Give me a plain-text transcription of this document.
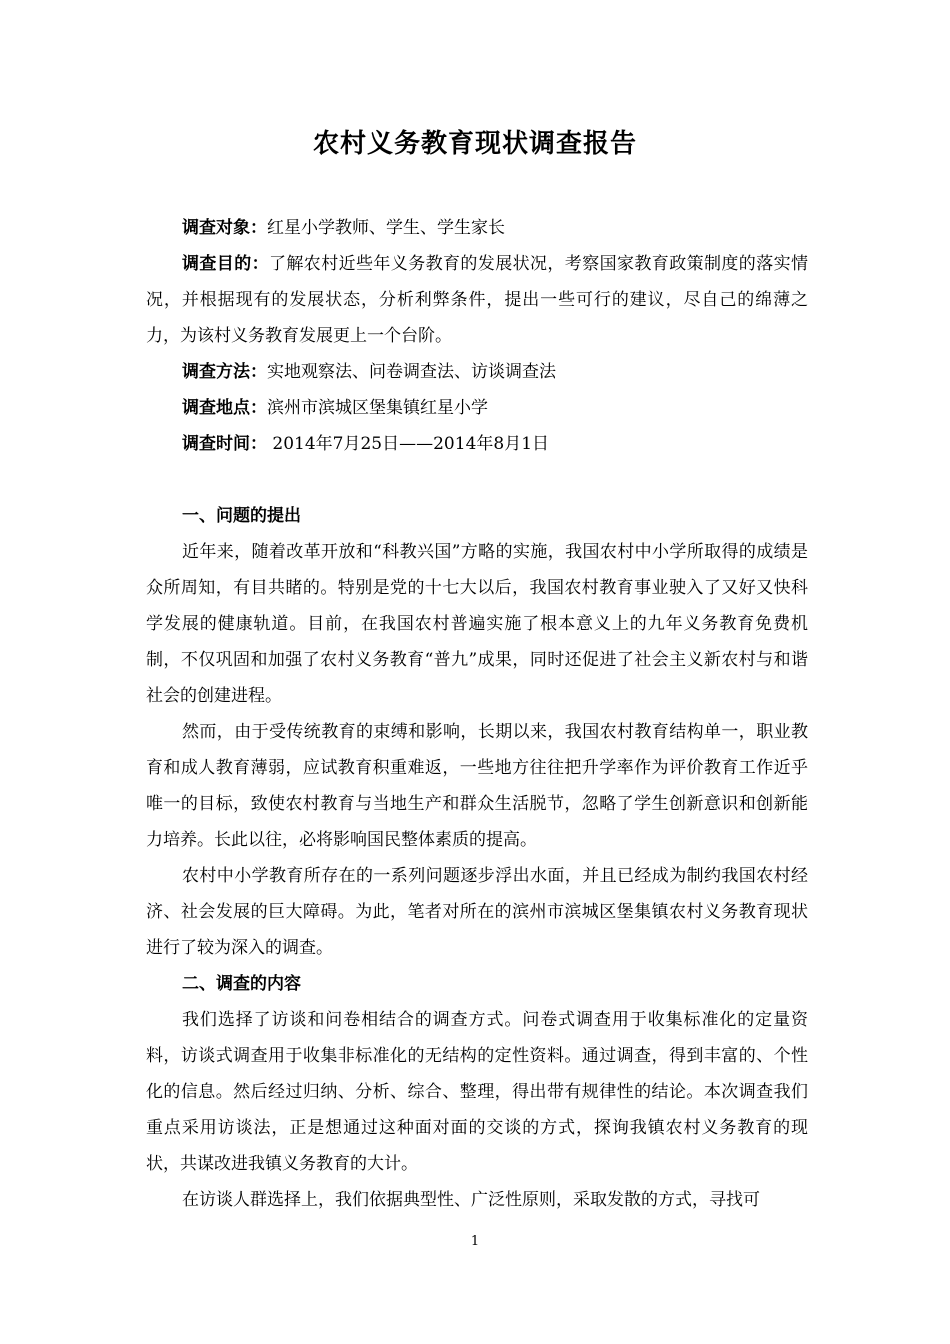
农村义务教育现状调查报告

调查对象：红星小学教师、学生、学生家长

调查目的：了解农村近些年义务教育的发展状况，考察国家教育政策制度的落实情况，并根据现有的发展状态，分析利弊条件，提出一些可行的建议，尽自己的绵薄之力，为该村义务教育发展更上一个台阶。

调查方法：实地观察法、问卷调查法、访谈调查法

调查地点：滨州市滨城区堡集镇红星小学

调查时间： 2014年7月25日——2014年8月1日

一、问题的提出

近年来，随着改革开放和“科教兴国”方略的实施，我国农村中小学所取得的成绩是众所周知，有目共睹的。特别是党的十七大以后，我国农村教育事业驶入了又好又快科学发展的健康轨道。目前，在我国农村普遍实施了根本意义上的九年义务教育免费机制，不仅巩固和加强了农村义务教育“普九”成果，同时还促进了社会主义新农村与和谐社会的创建进程。

然而，由于受传统教育的束缚和影响，长期以来，我国农村教育结构单一，职业教育和成人教育薄弱，应试教育积重难返，一些地方往往把升学率作为评价教育工作近乎唯一的目标，致使农村教育与当地生产和群众生活脱节，忽略了学生创新意识和创新能力培养。长此以往，必将影响国民整体素质的提高。

农村中小学教育所存在的一系列问题逐步浮出水面，并且已经成为制约我国农村经济、社会发展的巨大障碍。为此，笔者对所在的滨州市滨城区堡集镇农村义务教育现状进行了较为深入的调查。

二、调查的内容

我们选择了访谈和问卷相结合的调查方式。问卷式调查用于收集标准化的定量资料，访谈式调查用于收集非标准化的无结构的定性资料。通过调查，得到丰富的、个性化的信息。然后经过归纳、分析、综合、整理，得出带有规律性的结论。本次调查我们重点采用访谈法，正是想通过这种面对面的交谈的方式，探询我镇农村义务教育的现状，共谋改进我镇义务教育的大计。

在访谈人群选择上，我们依据典型性、广泛性原则，采取发散的方式，寻找可

1
